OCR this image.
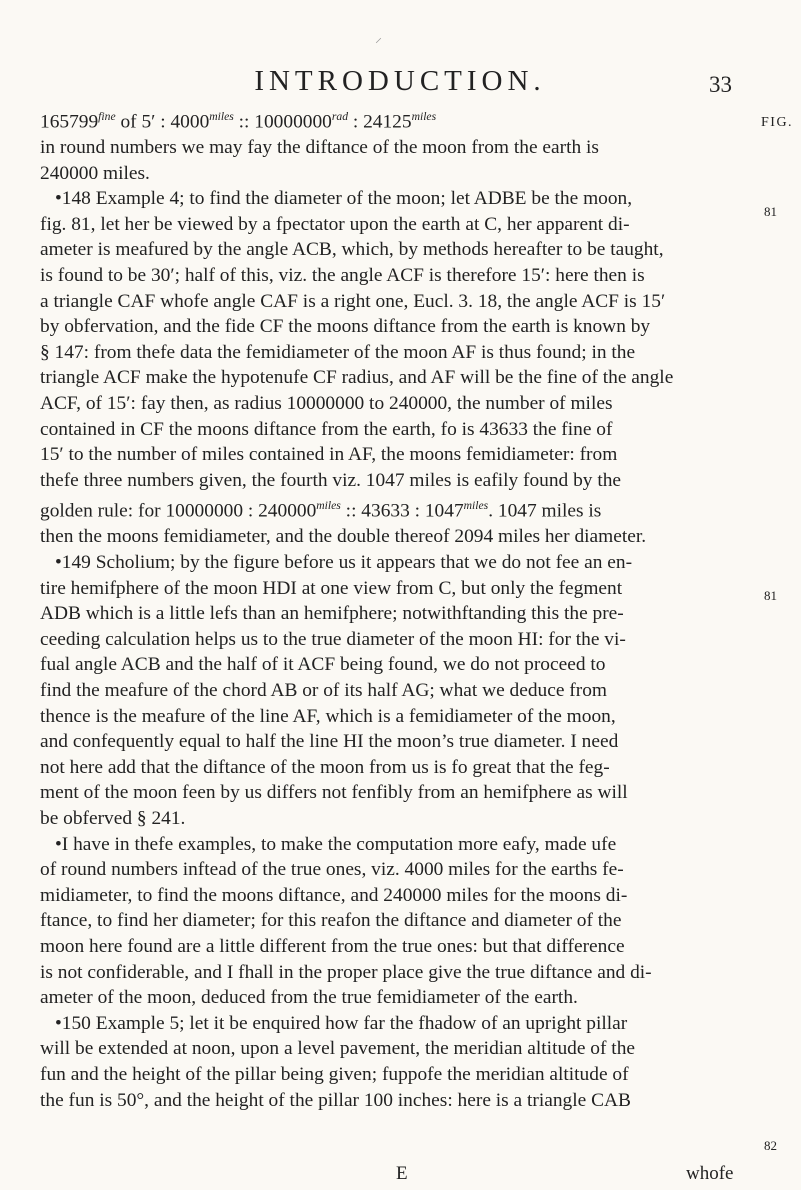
⸝
INTRODUCTION.	33
FIG.
$165799^{fine}$ of 5′ : $4000^{miles}$ :: $10000000^{rad}$ : $24125^{miles}$
in round numbers we may fay the diftance of the moon from the earth is
240000 miles.
•148 Example 4; to find the diameter of the moon; let ADBE be the moon,
fig. 81, let her be viewed by a fpectator upon the earth at C, her apparent di-
ameter is meafured by the angle ACB, which, by methods hereafter to be taught,
is found to be 30′; half of this, viz. the angle ACF is therefore 15′: here then is
a triangle CAF whofe angle CAF is a right one, Eucl. 3. 18, the angle ACF is 15′
by obfervation, and the fide CF the moons diftance from the earth is known by
§ 147: from thefe data the femidiameter of the moon AF is thus found; in the
triangle ACF make the hypotenufe CF radius, and AF will be the fine of the angle
ACF, of 15′: fay then, as radius 10000000 to 240000, the number of miles
contained in CF the moons diftance from the earth, fo is 43633 the fine of
15′ to the number of miles contained in AF, the moons femidiameter: from
thefe three numbers given, the fourth viz. 1047 miles is eafily found by the
golden rule: for 10000000 : $240000^{miles}$ :: 43633 : $1047^{miles}$. 1047 miles is
then the moons femidiameter, and the double thereof 2094 miles her diameter.
•149 Scholium; by the figure before us it appears that we do not fee an en-
tire hemifphere of the moon HDI at one view from C, but only the fegment
ADB which is a little lefs than an hemifphere; notwithftanding this the pre-
ceeding calculation helps us to the true diameter of the moon HI: for the vi-
fual angle ACB and the half of it ACF being found, we do not proceed to
find the meafure of the chord AB or of its half AG; what we deduce from
thence is the meafure of the line AF, which is a femidiameter of the moon,
and confequently equal to half the line HI the moon’s true diameter. I need
not here add that the diftance of the moon from us is fo great that the feg-
ment of the moon feen by us differs not fenfibly from an hemifphere as will
be obferved § 241.
•I have in thefe examples, to make the computation more eafy, made ufe
of round numbers inftead of the true ones, viz. 4000 miles for the earths fe-
midiameter, to find the moons diftance, and 240000 miles for the moons di-
ftance, to find her diameter; for this reafon the diftance and diameter of the
moon here found are a little different from the true ones: but that difference
is not confiderable, and I fhall in the proper place give the true diftance and di-
ameter of the moon, deduced from the true femidiameter of the earth.
•150 Example 5; let it be enquired how far the fhadow of an upright pillar
will be extended at noon, upon a level pavement, the meridian altitude of the
fun and the height of the pillar being given; fuppofe the meridian altitude of
the fun is 50°, and the height of the pillar 100 inches: here is a triangle CAB
81
81
82
E	whofe
